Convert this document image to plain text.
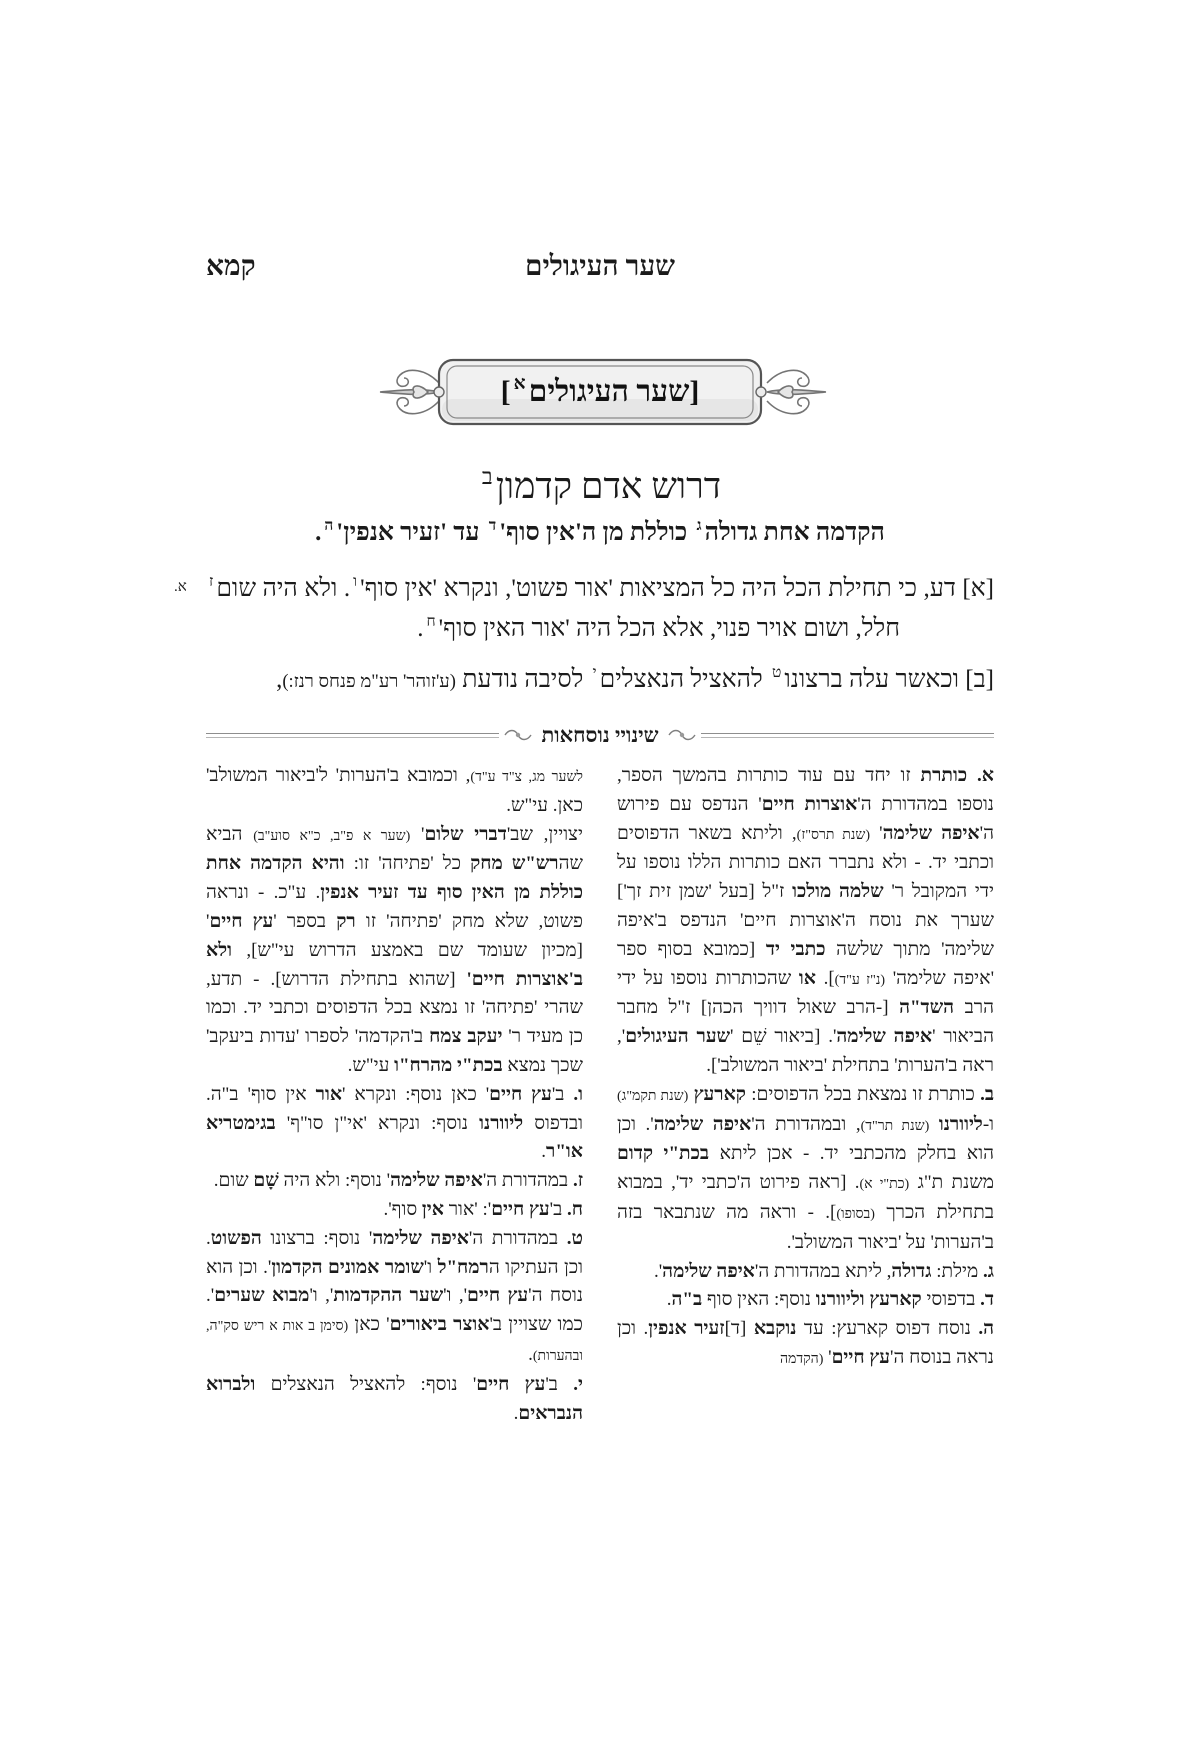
שער העיגולים
קמא
[שער העיגולים$^א$]
א.
דרוש אדם קדמון$^ב$
הקדמה אחת גדולה$^ג$ כוללת מן ה'אין $סוף'^ד$ עד 'זעיר $אנפין'^ה$.

[א] דע, כי תחילת הכל היה כל המציאות 'אור פשוט', ונקרא 'אין $סוף'^ו$. ולא היה שום$^ז$ חלל, ושום אויר פנוי, אלא הכל היה 'אור האין $סוף'^ח$.

[ב] וכאשר עלה ברצונו$^ט$ להאציל הנאצלים$^י$ לסיבה נודעת (ע'זוהר' רע"מ פנחס רנז:),

שינויי נוסחאות

א. כותרת זו יחד עם עוד כותרות בהמשך הספר, נוספו במהדורת ה'אוצרות חיים' הנדפס עם פירוש ה'איפה שלימה' (שנת תרס"ז), וליתא בשאר הדפוסים וכתבי יד. - ולא נתברר האם כותרות הללו נוספו על ידי המקובל ר' שלמה מולכו ז"ל [בעל 'שמן זית זך'] שערך את נוסח ה'אוצרות חיים' הנדפס ב'איפה שלימה' מתוך שלשה כתבי יד [כמובא בסוף ספר 'איפה שלימה' (נ"ז ע"ד)]. או שהכותרות נוספו על ידי הרב השד"ה [-הרב שאול דוויך הכהן] ז"ל מחבר הביאור 'איפה שלימה'. [ביאור שֵׁם 'שער העיגולים', ראה ב'הערות' בתחילת 'ביאור המשולב'].

ב. כותרת זו נמצאת בכל הדפוסים: קארעץ (שנת תקמ"ג) ו-ליוורנו (שנת תר"ד), ובמהדורת ה'איפה שלימה'. וכן הוא בחלק מהכתבי יד. - אכן ליתא בכת"י קדום משנת ת"ג (כת"י א). [ראה פירוט ה'כתבי יד', במבוא בתחילת הכרך (בסופו)]. - וראה מה שנתבאר בזה ב'הערות' על 'ביאור המשולב'.

ג. מילת: גדולה, ליתא במהדורת ה'איפה שלימה'.

ד. בדפוסי קארעץ וליוורנו נוסף: האין סוף ב"ה.

ה. נוסח דפוס קארעץ: עד נוקבא [ד]זעיר אנפין. וכן נראה בנוסח ה'עץ חיים' (הקדמה

לשער מג, צ"ד ע"ד), וכמובא ב'הערות' ל'ביאור המשולב' כאן. עי"ש.

יצויין, שב'דברי שלום' (שער א פ"ב, כ"א סוע"ב) הביא שהרש"ש מחק כל 'פתיחה' זו: והיא הקדמה אחת כוללת מן האין סוף עד זעיר אנפין. ע"כ. - ונראה פשוט, שלא מחק 'פתיחה' זו רק בספר 'עץ חיים' [מכיון שעומד שם באמצע הדרוש עי"ש], ולא ב'אוצרות חיים' [שהוא בתחילת הדרוש]. - תדע, שהרי 'פתיחה' זו נמצא בכל הדפוסים וכתבי יד. וכמו כן מעיד ר' יעקב צמח ב'הקדמה' לספרו 'עדות ביעקב' שכך נמצא בכת"י מהרח"ו עי"ש.

ו. ב'עץ חיים' כאן נוסף: ונקרא 'אור אין סוף' ב"ה. ובדפוס ליוורנו נוסף: ונקרא 'אי"ן סו"ף' בגימטריא או"ר.

ז. במהדורת ה'איפה שלימה' נוסף: ולא היה שָׁם שום.

ח. ב'עץ חיים': 'אור אין סוף'.

ט. במהדורת ה'איפה שלימה' נוסף: ברצונו הפשוט. וכן העתיקו הרמח"ל ו'שומר אמונים הקדמון'. וכן הוא נוסח ה'עץ חיים', ו'שער ההקדמות', ו'מבוא שערים'. כמו שצויין ב'אוצר ביאורים' כאן (סימן ב אות א ריש סק"ה, ובהערות).

י. ב'עץ חיים' נוסף: להאציל הנאצלים ולברוא הנבראים.
